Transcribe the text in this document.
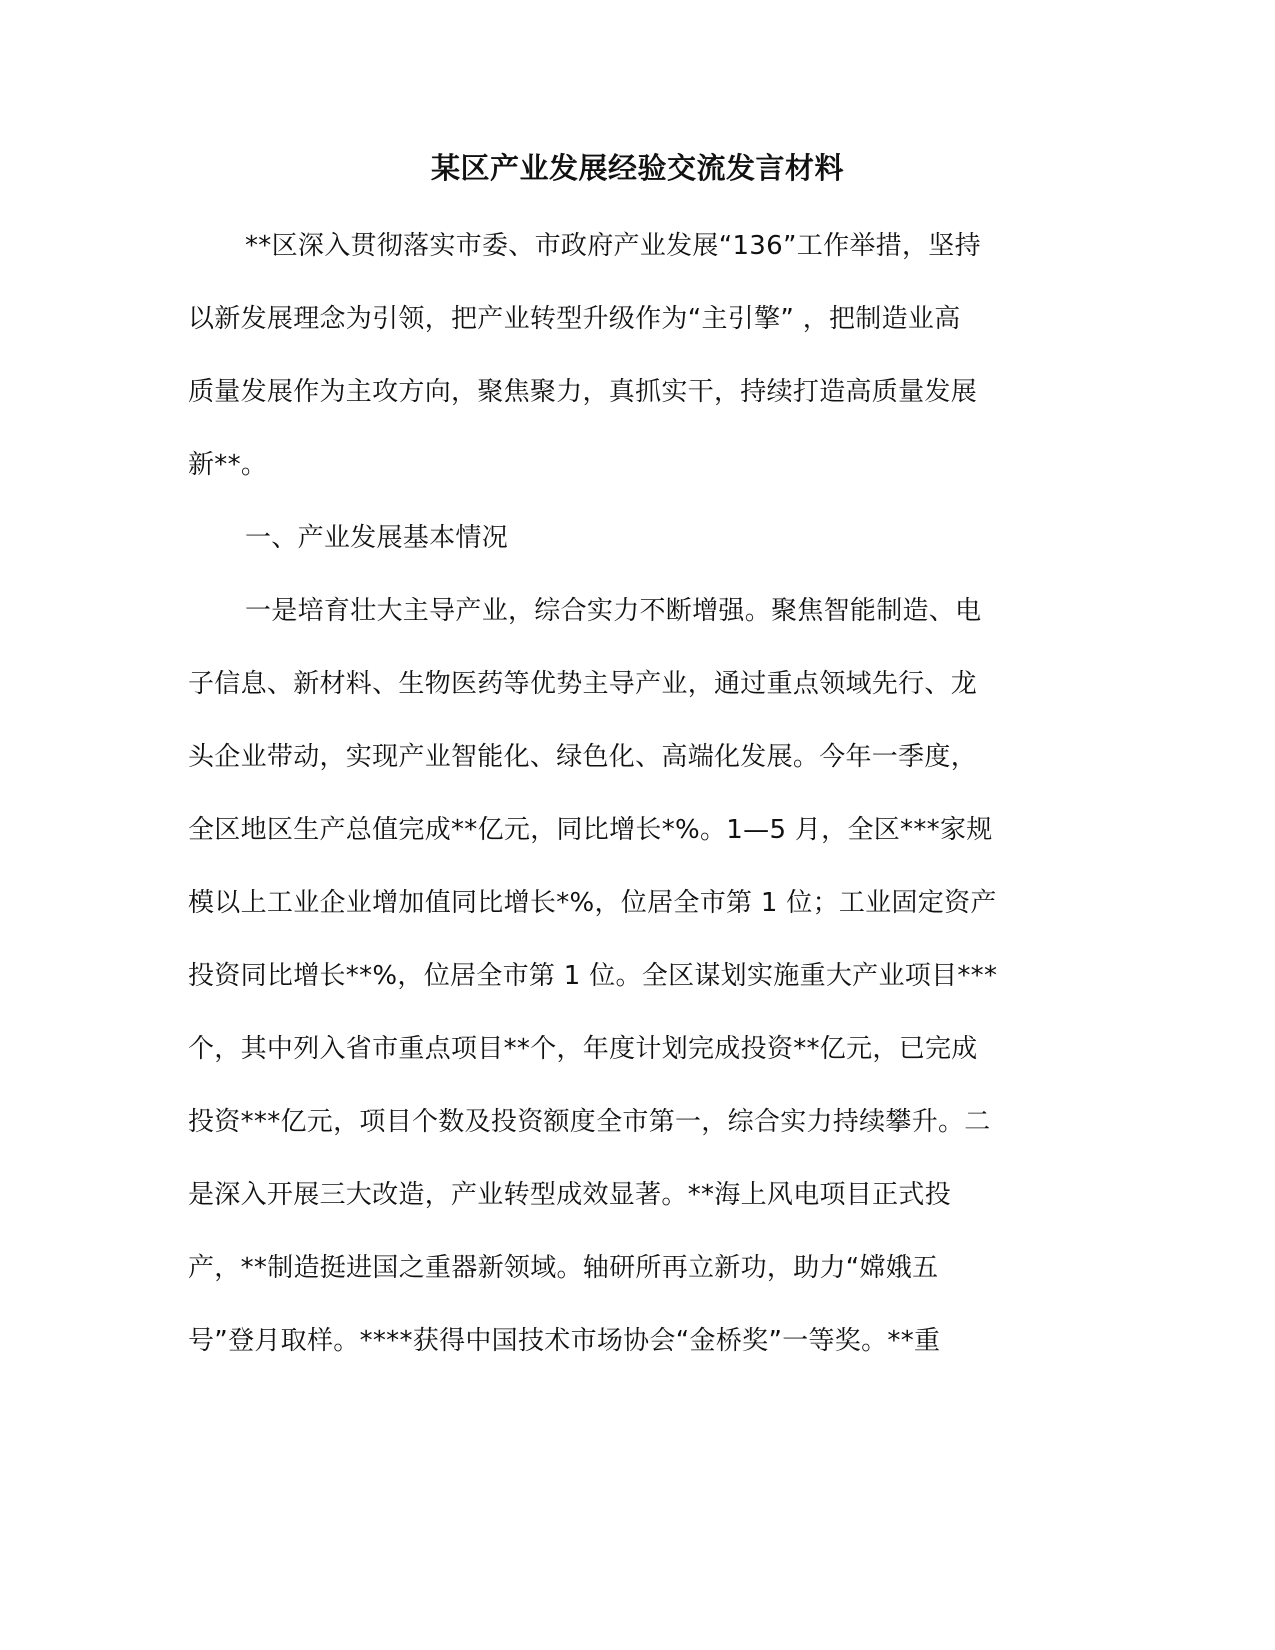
某区产业发展经验交流发言材料
**区深入贯彻落实市委、市政府产业发展“136”工作举措，坚持
以新发展理念为引领，把产业转型升级作为“主引擎” ，把制造业高
质量发展作为主攻方向，聚焦聚力，真抓实干，持续打造高质量发展
新**。
一、产业发展基本情况
一是培育壮大主导产业，综合实力不断增强。聚焦智能制造、电
子信息、新材料、生物医药等优势主导产业，通过重点领域先行、龙
头企业带动，实现产业智能化、绿色化、高端化发展。今年一季度，
全区地区生产总值完成**亿元，同比增长*%。1—5 月，全区***家规
模以上工业企业增加值同比增长*%，位居全市第 1 位；工业固定资产
投资同比增长**%，位居全市第 1 位。全区谋划实施重大产业项目***
个，其中列入省市重点项目**个，年度计划完成投资**亿元，已完成
投资***亿元，项目个数及投资额度全市第一，综合实力持续攀升。二
是深入开展三大改造，产业转型成效显著。**海上风电项目正式投
产，**制造挺进国之重器新领域。轴研所再立新功，助力“嫦娥五
号”登月取样。****获得中国技术市场协会“金桥奖”一等奖。**重
